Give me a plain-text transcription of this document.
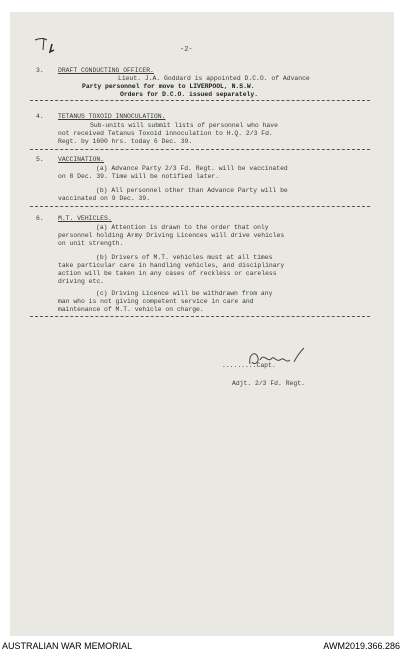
-2-
3. DRAFT CONDUCTING OFFICER.
Lieut. J.A. Goddard is appointed D.C.O. of Advance
Party personnel for move to LIVERPOOL, N.S.W.
Orders for D.C.O. issued separately.
4. TETANUS TOXOID INNOCULATION.
Sub-units will submit lists of personnel who have
not received Tetanus Toxoid innoculation to H.Q. 2/3 Fd.
Regt. by 1600 hrs. today 6 Dec. 39.
5. VACCINATION.
(a) Advance Party 2/3 Fd. Regt. will be vaccinated
on 8 Dec. 39. Time will be notified later.
(b) All personnel other than Advance Party will be
vaccinated on 9 Dec. 39.
6. M.T. VEHICLES.
(a) Attention is drawn to the order that only
personnel holding Army Driving Licences will drive vehicles
on unit strength.
(b) Drivers of M.T. vehicles must at all times
take particular care in handling vehicles, and disciplinary
action will be taken in any cases of reckless or careless
driving etc.
(c) Driving Licence will be withdrawn from any
man who is not giving competent service in care and
maintenance of M.T. vehicle on charge.
.........Capt.
Adjt. 2/3 Fd. Regt.
AUSTRALIAN WAR MEMORIAL	AWM2019.366.286
